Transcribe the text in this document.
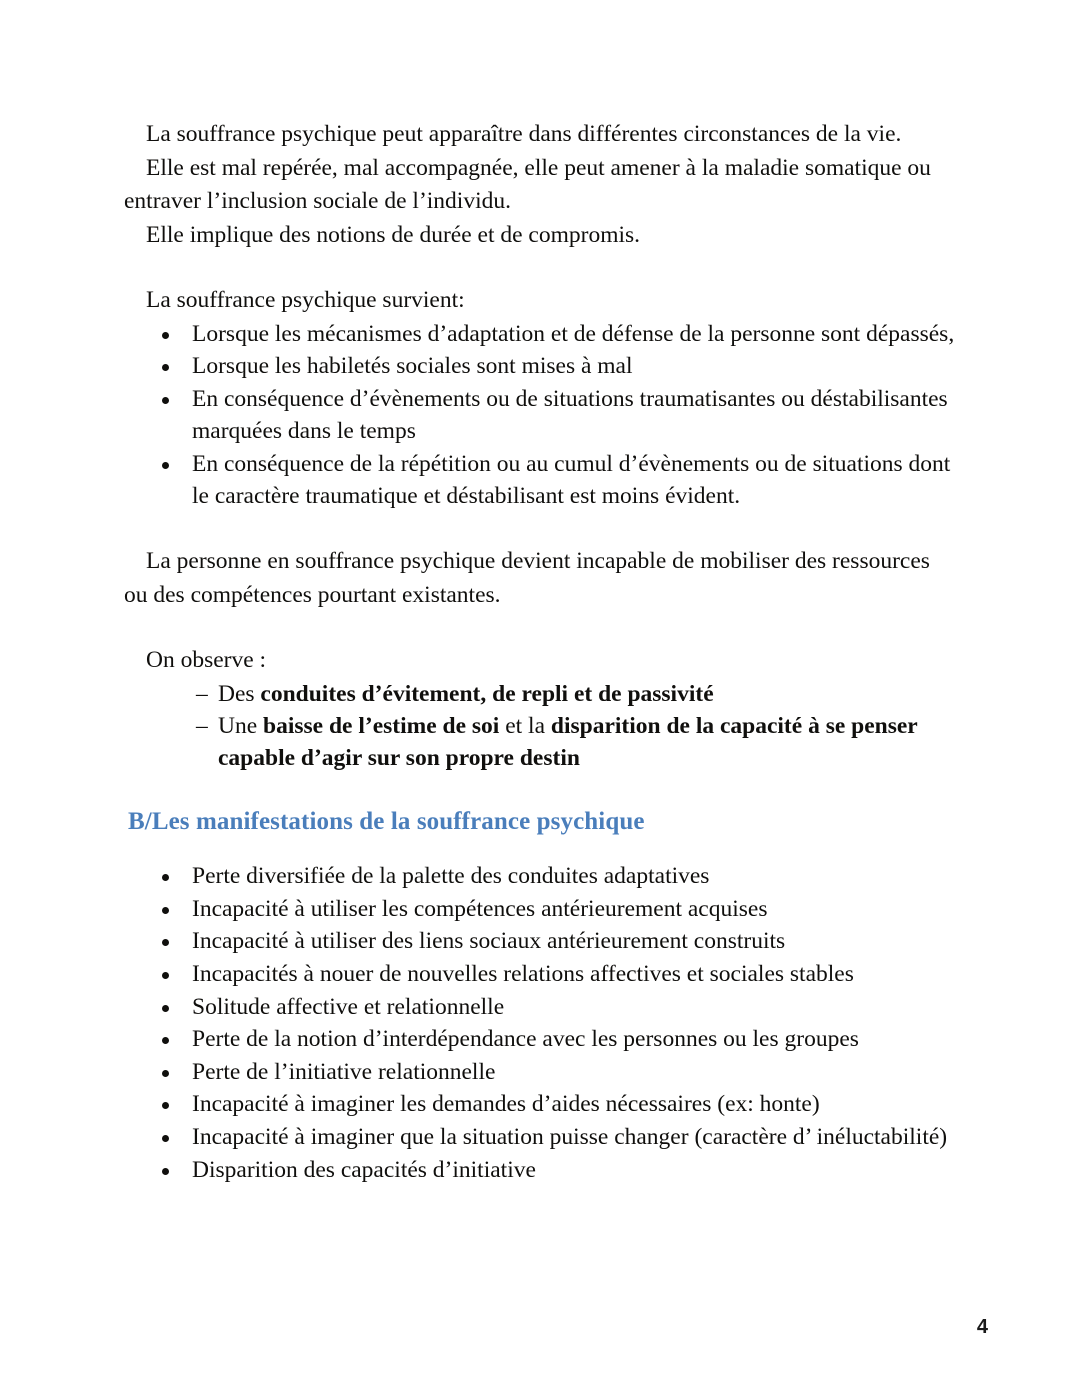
La souffrance psychique peut apparaître dans différentes circonstances de la vie.

Elle est mal repérée, mal accompagnée, elle peut amener à la maladie somatique ou entraver l’inclusion sociale de l’individu.

Elle implique des notions de durée et de compromis.

La souffrance psychique survient:

Lorsque les mécanismes d’adaptation et de défense de la personne sont dépassés,
Lorsque les habiletés sociales sont mises à mal
En conséquence d’évènements ou de situations traumatisantes ou déstabilisantes marquées dans le temps
En conséquence de la répétition ou au cumul d’évènements ou de situations dont le caractère traumatique et déstabilisant est moins évident.

La personne en souffrance psychique devient incapable de mobiliser des ressources ou des compétences pourtant existantes.

On observe :

– Des conduites d’évitement, de repli et de passivité
– Une baisse de l’estime de soi et la disparition de la capacité à se penser capable d’agir sur son propre destin
B/Les manifestations de la souffrance psychique
Perte diversifiée de la palette des conduites adaptatives
Incapacité à utiliser les compétences antérieurement acquises
Incapacité à utiliser des liens sociaux antérieurement construits
Incapacités à nouer de nouvelles relations affectives et sociales stables
Solitude affective et relationnelle
Perte de la notion d’interdépendance avec les personnes ou les groupes
Perte de l’initiative relationnelle
Incapacité à imaginer les demandes d’aides nécessaires (ex: honte)
Incapacité à imaginer que la situation puisse changer (caractère d’ inéluctabilité)
Disparition des capacités d’initiative
4
